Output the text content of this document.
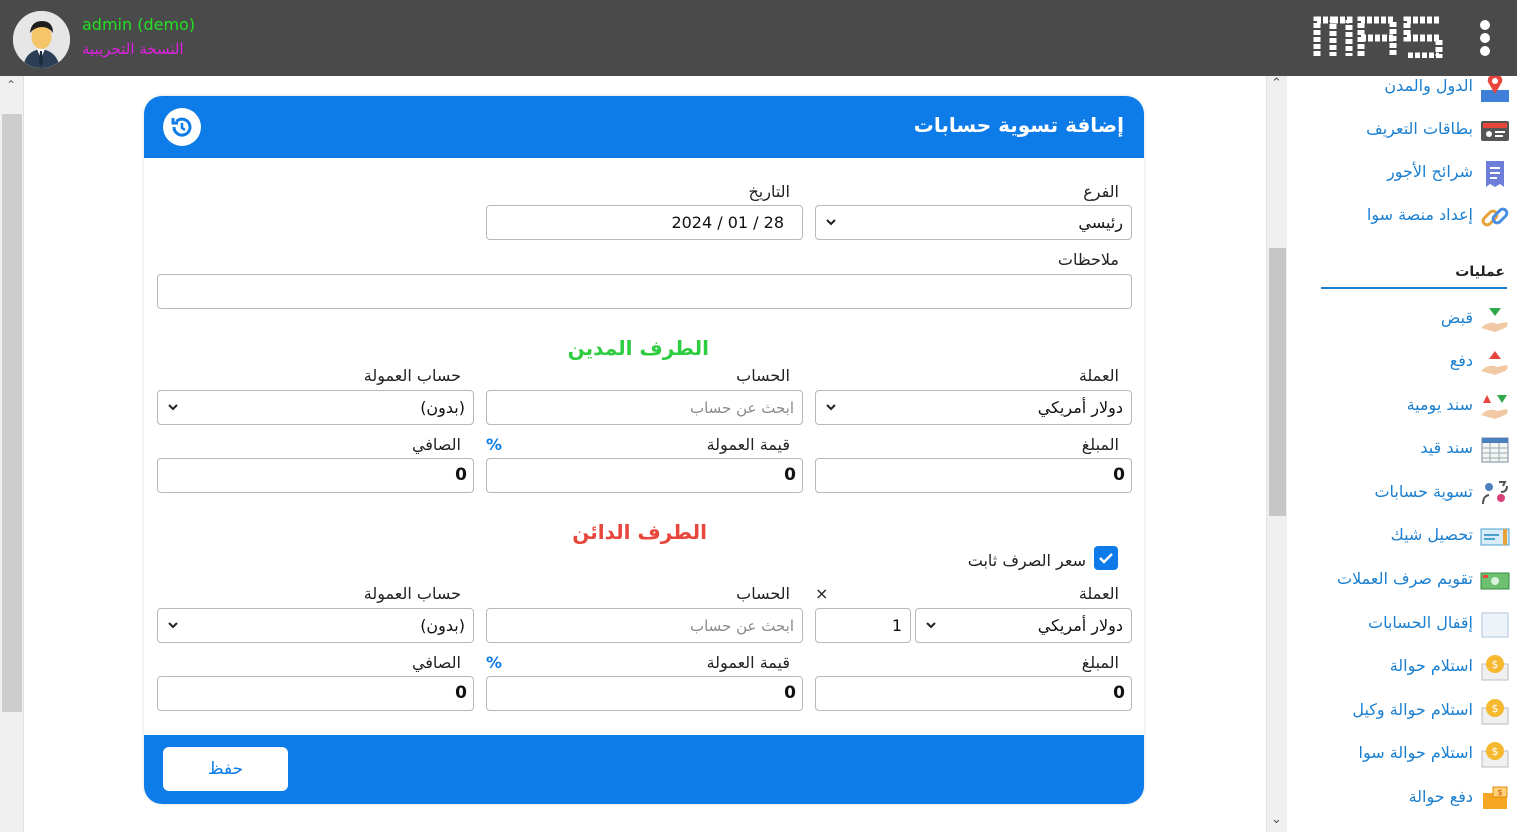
admin (demo)
النسخة التجريبية
⌃
إضافة تسوية حسابات
الفرع
رئيسي
التاريخ
28 / 01 / 2024
ملاحظات
الطرف المدين
العملة
دولار أمريكي
الحساب
ابحث عن حساب
حساب العمولة
(بدون)
المبلغ
0
قيمة العمولة
%
0
الصافي
0
الطرف الدائن
سعر الصرف ثابت
العملة
×
دولار أمريكي
1
الحساب
ابحث عن حساب
حساب العمولة
(بدون)
المبلغ
0
قيمة العمولة
%
0
الصافي
0
حفظ
⌃
⌄
الدول والمدن
بطاقات التعريف
شرائح الأجور
إعداد منصة سوا
عمليات
قبض
دفع
سند يومية
سند قيد
تسوية حسابات
تحصيل شيك
تقويم صرف العملات
إقفال الحسابات
$
استلام حوالة
$
استلام حوالة وكيل
$
استلام حوالة سوا
$
دفع حوالة
